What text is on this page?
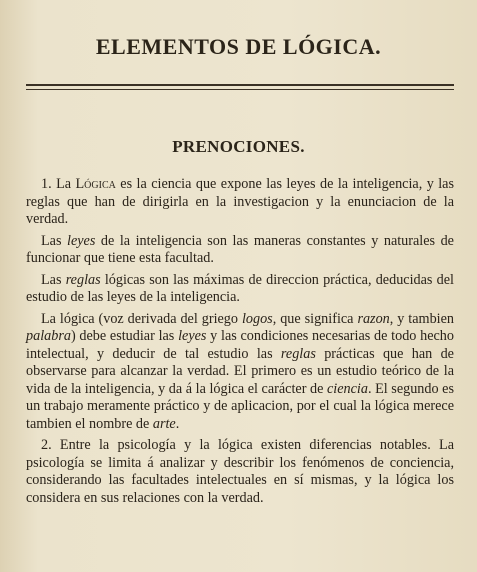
ELEMENTOS DE LÓGICA.
PRENOCIONES.

1. La Lógica es la ciencia que expone las leyes de la inteligencia, y las reglas que han de dirigirla en la investigacion y la enunciacion de la verdad.

Las leyes de la inteligencia son las maneras constantes y naturales de funcionar que tiene esta facultad.

Las reglas lógicas son las máximas de direccion práctica, deducidas del estudio de las leyes de la inteligencia.

La lógica (voz derivada del griego logos, que significa razon, y tambien palabra) debe estudiar las leyes y las condiciones necesarias de todo hecho intelectual, y deducir de tal estudio las reglas prácticas que han de observarse para alcanzar la verdad. El primero es un estudio teórico de la vida de la inteligencia, y da á la lógica el carácter de ciencia. El segundo es un trabajo meramente práctico y de aplicacion, por el cual la lógica merece tambien el nombre de arte.

2. Entre la psicología y la lógica existen diferencias notables. La psicología se limita á analizar y describir los fenómenos de conciencia, considerando las facultades intelectuales en sí mismas, y la lógica los considera en sus relaciones con la verdad.
